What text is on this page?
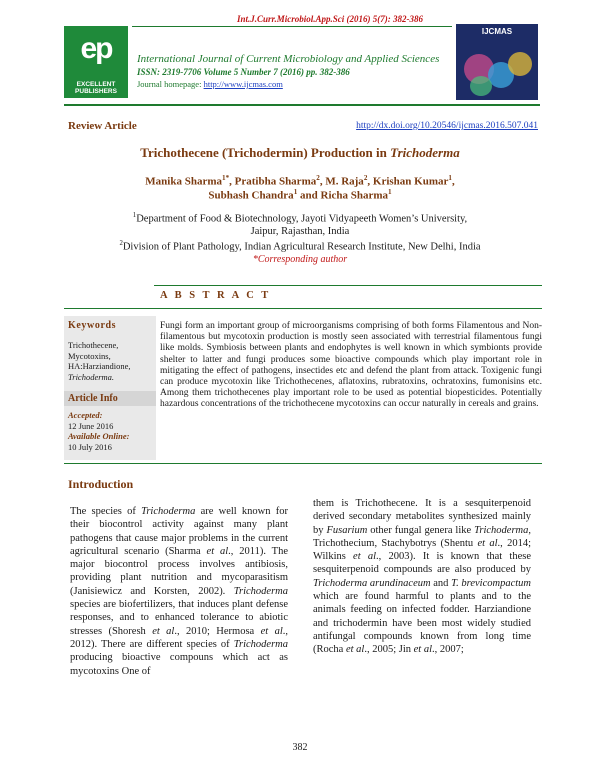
Int.J.Curr.Microbiol.App.Sci (2016) 5(7): 382-386
ep
EXCELLENT
PUBLISHERS
International Journal of Current Microbiology and Applied Sciences
ISSN: 2319-7706 Volume 5 Number 7 (2016) pp. 382-386
Journal homepage: http://www.ijcmas.com
IJCMAS
Review Article	http://dx.doi.org/10.20546/ijcmas.2016.507.041
Trichothecene (Trichodermin) Production in Trichoderma
Manika Sharma$^{1*}$, Pratibha Sharma$^2$, M. Raja$^2$, Krishan Kumar$^1$,
Subhash Chandra$^1$ and Richa Sharma$^1$
$^1$Department of Food & Biotechnology, Jayoti Vidyapeeth Women’s University,
Jaipur, Rajasthan, India
$^2$Division of Plant Pathology, Indian Agricultural Research Institute, New Delhi, India
*Corresponding author
A B S T R A C T
Keywords
Trichothecene,
Mycotoxins,
HA:Harziandione,
Trichoderma.
Article Info
Accepted:
12 June 2016
Available Online:
10 July 2016
Fungi form an important group of microorganisms comprising of both forms Filamentous and Non-filamentous but mycotoxin production is mostly seen associated with terrestrial filamentous fungi like molds. Symbiosis between plants and endophytes is well known in which symbionts provide shelter to latter and fungi produces some bioactive compounds which play important role in mitigating the effect of pathogens, insectides etc and defend the plant from attack. Toxigenic fungi can produce mycotoxin like Trichothecenes, aflatoxins, rubratoxins, ochratoxins, fumonisins etc. Among them trichothecenes play important role to be used as potential biopesticides. Potentially hazardous concentrations of the trichothecene mycotoxins can occur naturally in cereals and grains.
Introduction
The species of Trichoderma are well known for their biocontrol activity against many plant pathogens that cause major problems in the current agricultural scenario (Sharma et al., 2011). The major biocontrol process involves antibiosis, providing plant nutrition and mycoparasitism (Janisiewicz and Korsten, 2002). Trichoderma species are biofertilizers, that induces plant defense responses, and to enhanced tolerance to abiotic stresses (Shoresh et al., 2010; Hermosa et al., 2012). There are different species of Trichoderma producing bioactive compouns which act as mycotoxins One of
them is Trichothecene. It is a sesquiterpenoid derived secondary metabolites synthesized mainly by Fusarium other fungal genera like Trichoderma, Trichothecium, Stachybotrys (Shentu et al., 2014; Wilkins et al., 2003). It is known that these sesquiterpenoid compounds are also produced by Trichoderma arundinaceum and T. brevicompactum which are found harmful to plants and to the animals feeding on infected fodder. Harziandione and trichodermin have been most widely studied antifungal compounds known from long time (Rocha et al., 2005; Jin et al., 2007;
382
